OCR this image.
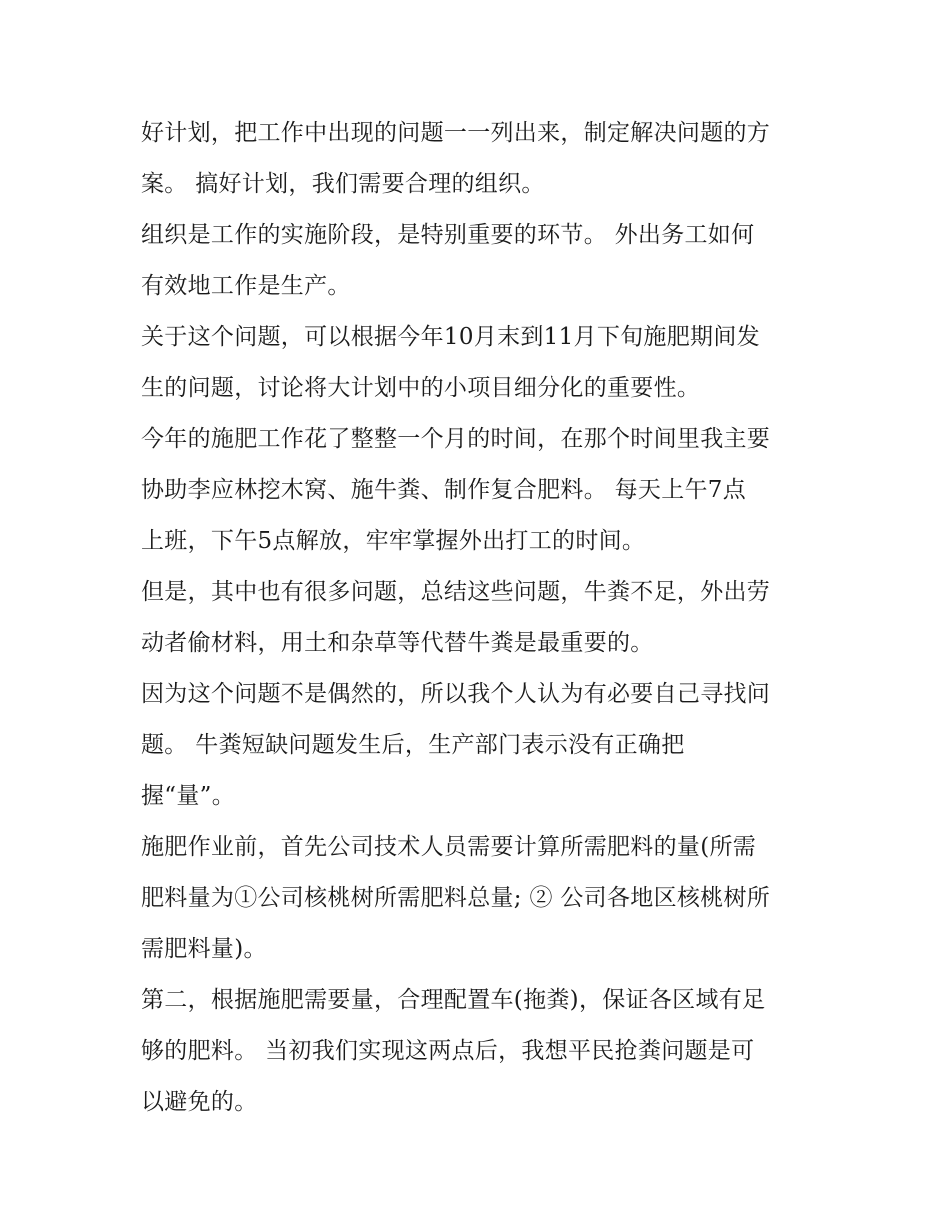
好计划，把工作中出现的问题一一列出来，制定解决问题的方
案。 搞好计划，我们需要合理的组织。
组织是工作的实施阶段，是特别重要的环节。 外出务工如何
有效地工作是生产。
关于这个问题，可以根据今年10月末到11月下旬施肥期间发
生的问题，讨论将大计划中的小项目细分化的重要性。
今年的施肥工作花了整整一个月的时间，在那个时间里我主要
协助李应林挖木窝、施牛粪、制作复合肥料。 每天上午7点
上班，下午5点解放，牢牢掌握外出打工的时间。
但是，其中也有很多问题，总结这些问题，牛粪不足，外出劳
动者偷材料，用土和杂草等代替牛粪是最重要的。
因为这个问题不是偶然的，所以我个人认为有必要自己寻找问
题。 牛粪短缺问题发生后，生产部门表示没有正确把
握“量”。
施肥作业前，首先公司技术人员需要计算所需肥料的量(所需
肥料量为①公司核桃树所需肥料总量; ② 公司各地区核桃树所
需肥料量)。
第二，根据施肥需要量，合理配置车(拖粪)，保证各区域有足
够的肥料。 当初我们实现这两点后，我想平民抢粪问题是可
以避免的。
